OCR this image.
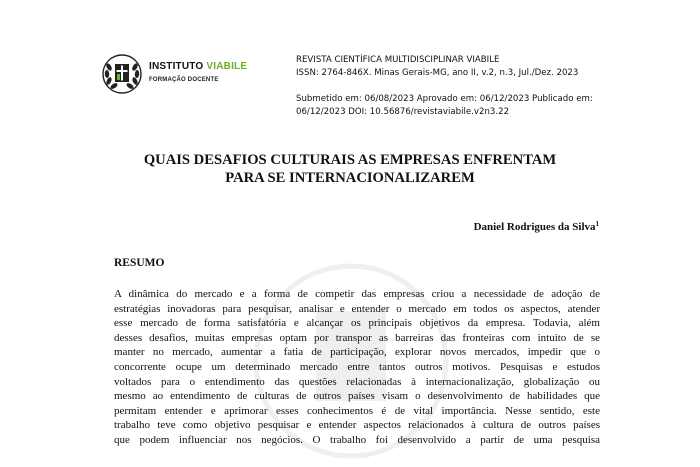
INSTITUTO VIABILE
FORMAÇÃO DOCENTE
REVISTA CIENTÍFICA MULTIDISCIPLINAR VIABILE
ISSN: 2764-846X. Minas Gerais-MG, ano II, v.2, n.3, Jul./Dez. 2023
Submetido em: 06/08/2023 Aprovado em: 06/12/2023 Publicado em:
06/12/2023 DOI: 10.56876/revistaviabile.v2n3.22
QUAIS DESAFIOS CULTURAIS AS EMPRESAS ENFRENTAM
PARA SE INTERNACIONALIZAREM
Daniel Rodrigues da Silva$^1$
RESUMO
A dinâmica do mercado e a forma de competir das empresas criou a necessidade de adoção de
estratégias inovadoras para pesquisar, analisar e entender o mercado em todos os aspectos, atender
esse mercado de forma satisfatória e alcançar os principais objetivos da empresa. Todavia, além
desses desafios, muitas empresas optam por transpor as barreiras das fronteiras com intuito de se
manter no mercado, aumentar a fatia de participação, explorar novos mercados, impedir que o
concorrente ocupe um determinado mercado entre tantos outros motivos. Pesquisas e estudos
voltados para o entendimento das questões relacionadas à internacionalização, globalização ou
mesmo ao entendimento de culturas de outros países visam o desenvolvimento de habilidades que
permitam entender e aprimorar esses conhecimentos é de vital importância. Nesse sentido, este
trabalho teve como objetivo pesquisar e entender aspectos relacionados à cultura de outros países
que podem influenciar nos negócios. O trabalho foi desenvolvido a partir de uma pesquisa
